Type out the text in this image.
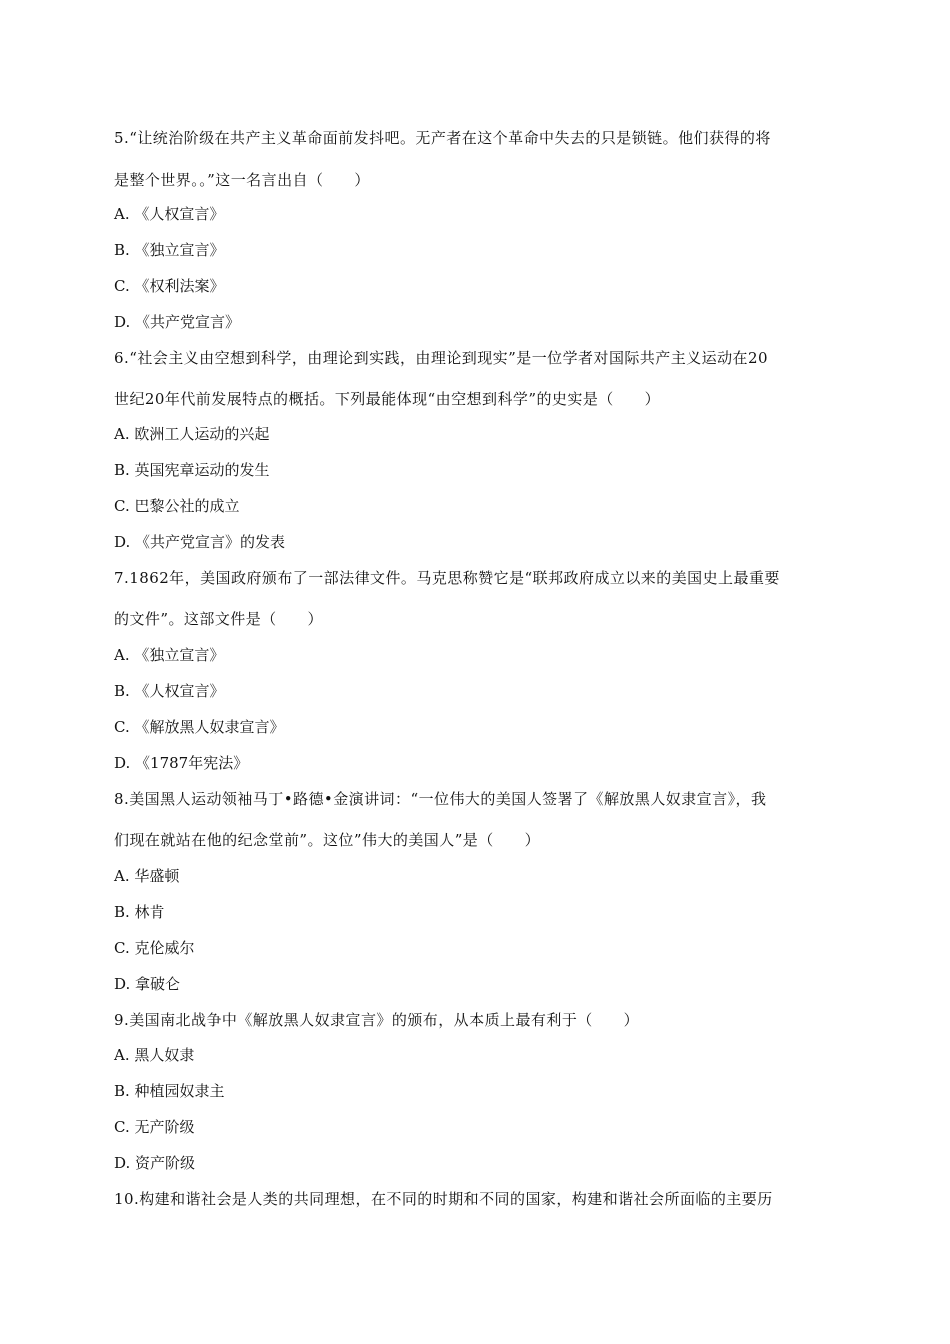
5.“让统治阶级在共产主义革命面前发抖吧。无产者在这个革命中失去的只是锁链。他们获得的将
是整个世界。。”这一名言出自（　　）
A. 《人权宣言》
B. 《独立宣言》
C. 《权利法案》
D. 《共产党宣言》
6.“社会主义由空想到科学，由理论到实践，由理论到现实”是一位学者对国际共产主义运动在20
世纪20年代前发展特点的概括。下列最能体现“由空想到科学”的史实是（　　）
A. 欧洲工人运动的兴起
B. 英国宪章运动的发生
C. 巴黎公社的成立
D. 《共产党宣言》的发表
7.1862年，美国政府颁布了一部法律文件。马克思称赞它是“联邦政府成立以来的美国史上最重要
的文件”。这部文件是（　　）
A. 《独立宣言》
B. 《人权宣言》
C. 《解放黑人奴隶宣言》
D. 《1787年宪法》
8.美国黑人运动领袖马丁•路德•金演讲词：“一位伟大的美国人签署了《解放黑人奴隶宣言》，我
们现在就站在他的纪念堂前”。这位”伟大的美国人”是（　　）
A. 华盛顿
B. 林肯
C. 克伦威尔
D. 拿破仑
9.美国南北战争中《解放黑人奴隶宣言》的颁布，从本质上最有利于（　　）
A. 黑人奴隶
B. 种植园奴隶主
C. 无产阶级
D. 资产阶级
10.构建和谐社会是人类的共同理想，在不同的时期和不同的国家，构建和谐社会所面临的主要历
